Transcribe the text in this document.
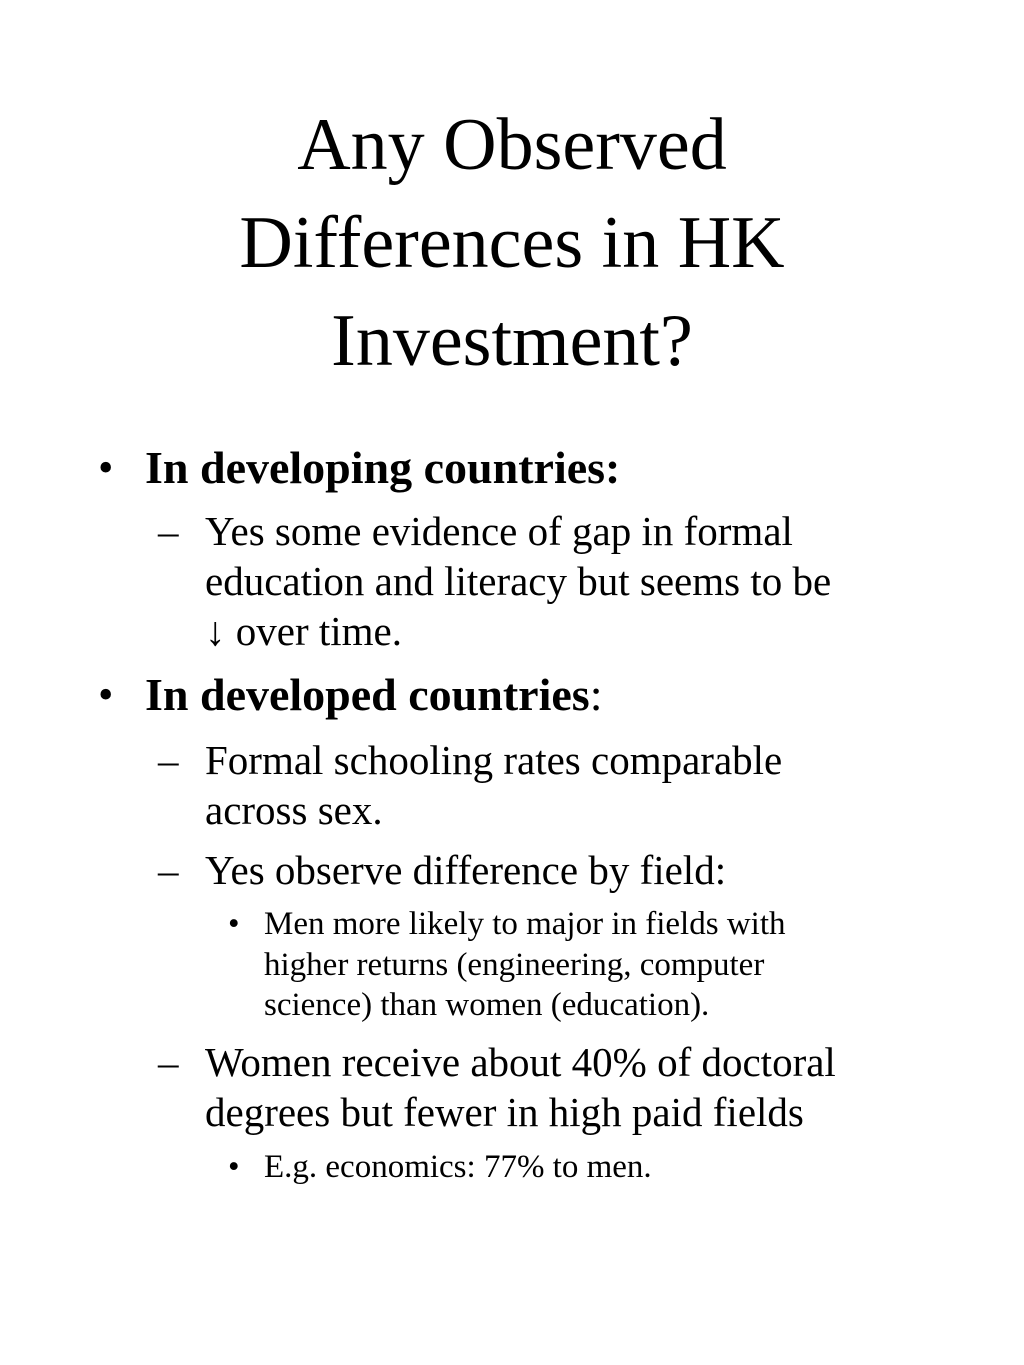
Any Observed
Differences in HK
Investment?
• In developing countries:
– Yes some evidence of gap in formal
education and literacy but seems to be
↓ over time.
• In developed countries:
– Formal schooling rates comparable
across sex.
– Yes observe difference by field:
• Men more likely to major in fields with
higher returns (engineering, computer
science) than women (education).
– Women receive about 40% of doctoral
degrees but fewer in high paid fields
• E.g. economics: 77% to men.
